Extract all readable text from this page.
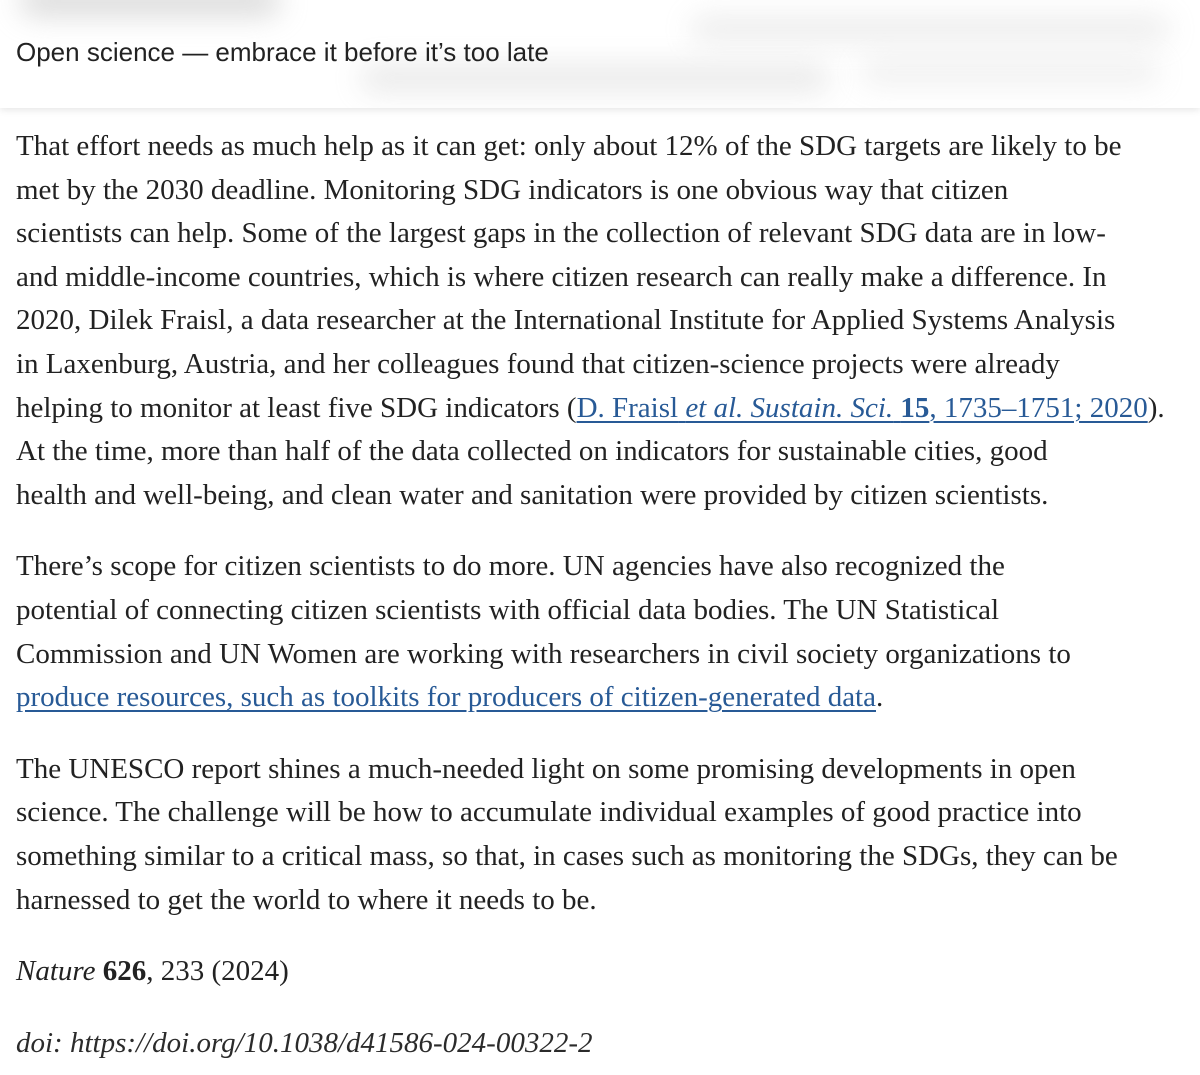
Open science — embrace it before it’s too late
That effort needs as much help as it can get: only about 12% of the SDG targets are likely to be
met by the 2030 deadline. Monitoring SDG indicators is one obvious way that citizen
scientists can help. Some of the largest gaps in the collection of relevant SDG data are in low-
and middle-income countries, which is where citizen research can really make a difference. In
2020, Dilek Fraisl, a data researcher at the International Institute for Applied Systems Analysis
in Laxenburg, Austria, and her colleagues found that citizen-science projects were already
helping to monitor at least five SDG indicators (D. Fraisl et al. Sustain. Sci. 15, 1735–1751; 2020).
At the time, more than half of the data collected on indicators for sustainable cities, good
health and well-being, and clean water and sanitation were provided by citizen scientists.
There’s scope for citizen scientists to do more. UN agencies have also recognized the
potential of connecting citizen scientists with official data bodies. The UN Statistical
Commission and UN Women are working with researchers in civil society organizations to
produce resources, such as toolkits for producers of citizen-generated data.
The UNESCO report shines a much-needed light on some promising developments in open
science. The challenge will be how to accumulate individual examples of good practice into
something similar to a critical mass, so that, in cases such as monitoring the SDGs, they can be
harnessed to get the world to where it needs to be.
Nature 626, 233 (2024)
doi: https://doi.org/10.1038/d41586-024-00322-2
